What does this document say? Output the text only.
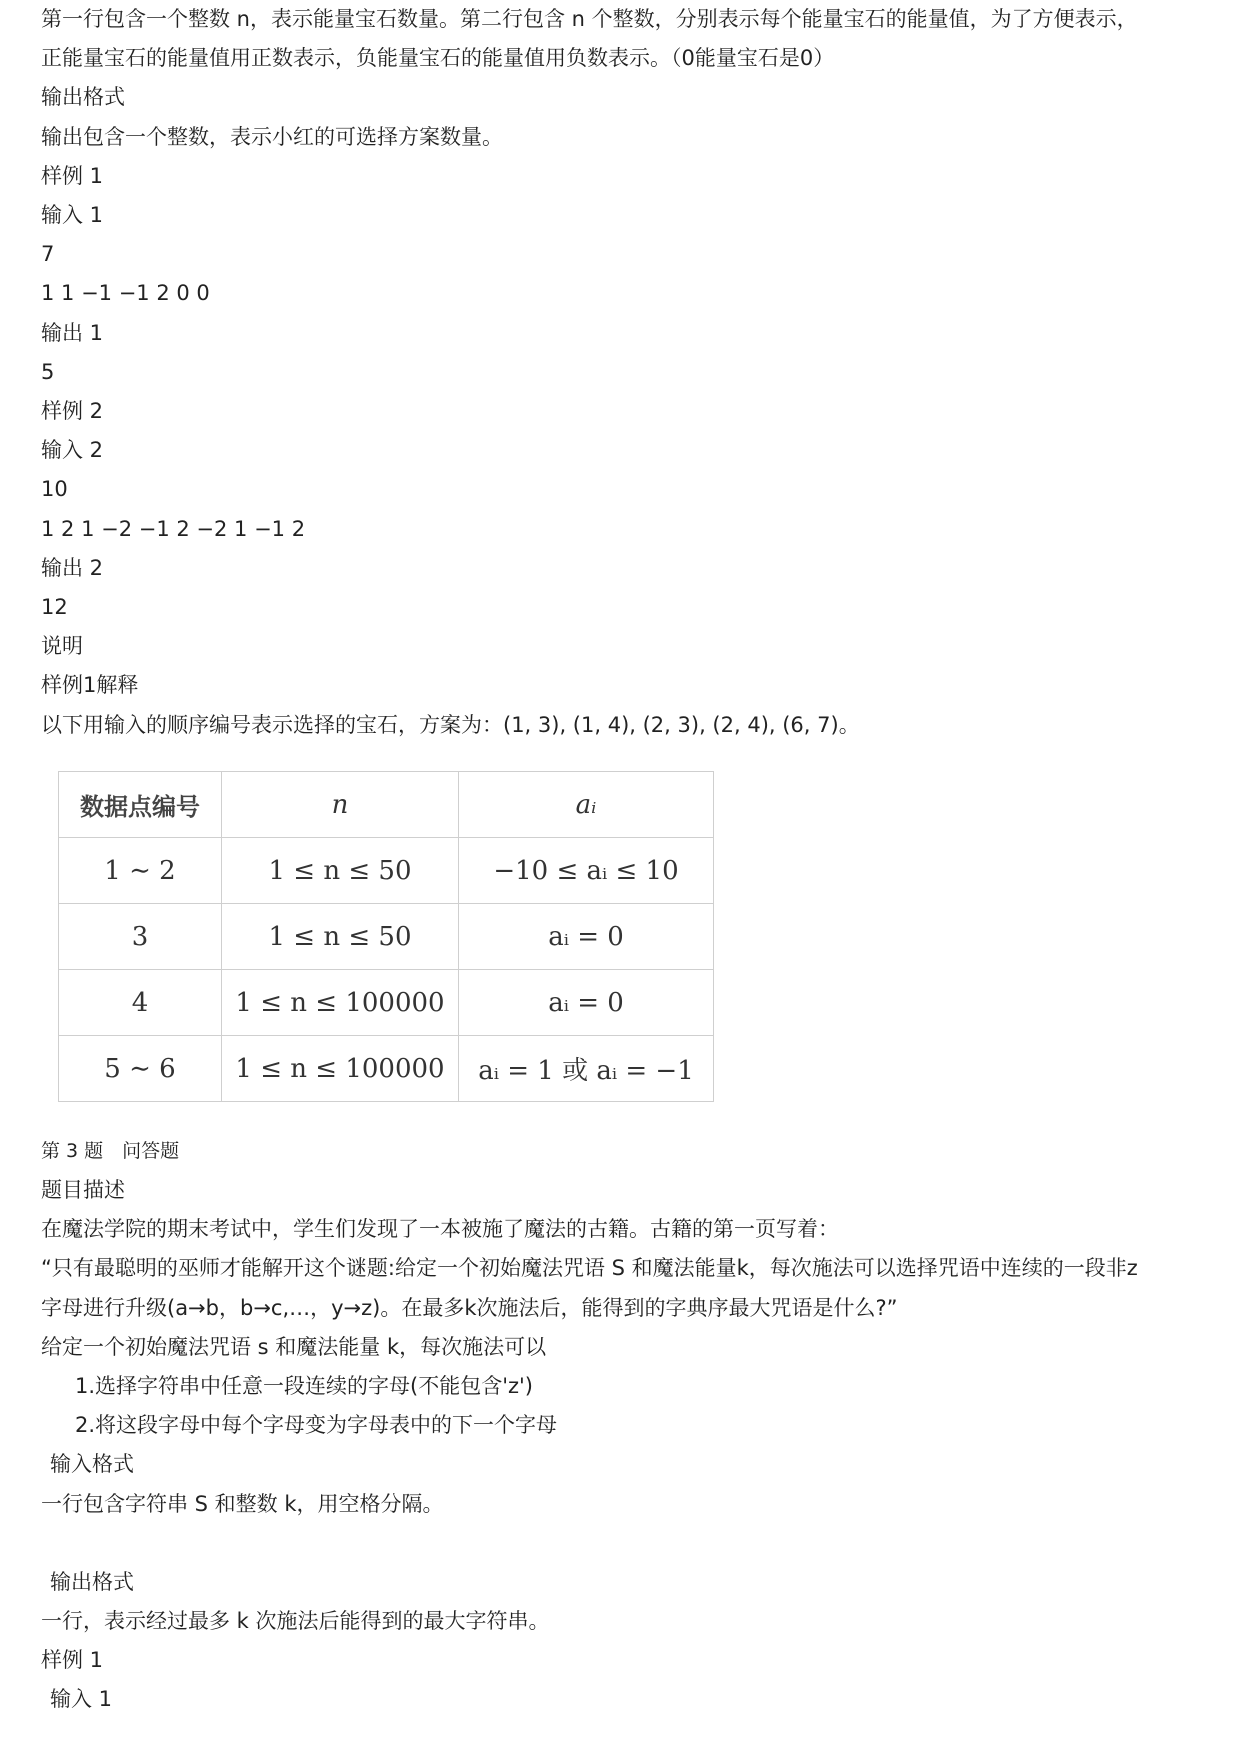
第一行包含一个整数 n，表示能量宝石数量。第二行包含 n 个整数，分别表示每个能量宝石的能量值，为了方便表示，
正能量宝石的能量值用正数表示，负能量宝石的能量值用负数表示。（0能量宝石是0）
输出格式
输出包含一个整数，表示小红的可选择方案数量。
样例 1
输入 1
7
1 1 −1 −1 2 0 0
输出 1
5
样例 2
输入 2
10
1 2 1 −2 −1 2 −2 1 −1 2
输出 2
12
说明
样例1解释
以下用输入的顺序编号表示选择的宝石，方案为：(1, 3), (1, 4), (2, 3), (2, 4), (6, 7)。
数据点编号	n	aᵢ
1 ∼ 2	1 ≤ n ≤ 50	−10 ≤ aᵢ ≤ 10
3	1 ≤ n ≤ 50	aᵢ = 0
4	1 ≤ n ≤ 100000	aᵢ = 0
5 ∼ 6	1 ≤ n ≤ 100000	aᵢ = 1 或 aᵢ = −1
第 3 题　问答题
题目描述
在魔法学院的期末考试中，学生们发现了一本被施了魔法的古籍。古籍的第一页写着：
“只有最聪明的巫师才能解开这个谜题:给定一个初始魔法咒语 S 和魔法能量k，每次施法可以选择咒语中连续的一段非z
字母进行升级(a→b，b→c,…，y→z)。在最多k次施法后，能得到的字典序最大咒语是什么?”
给定一个初始魔法咒语 s 和魔法能量 k，每次施法可以
1.选择字符串中任意一段连续的字母(不能包含'z')
2.将这段字母中每个字母变为字母表中的下一个字母
输入格式
一行包含字符串 S 和整数 k，用空格分隔。
输出格式
一行，表示经过最多 k 次施法后能得到的最大字符串。
样例 1
输入 1
